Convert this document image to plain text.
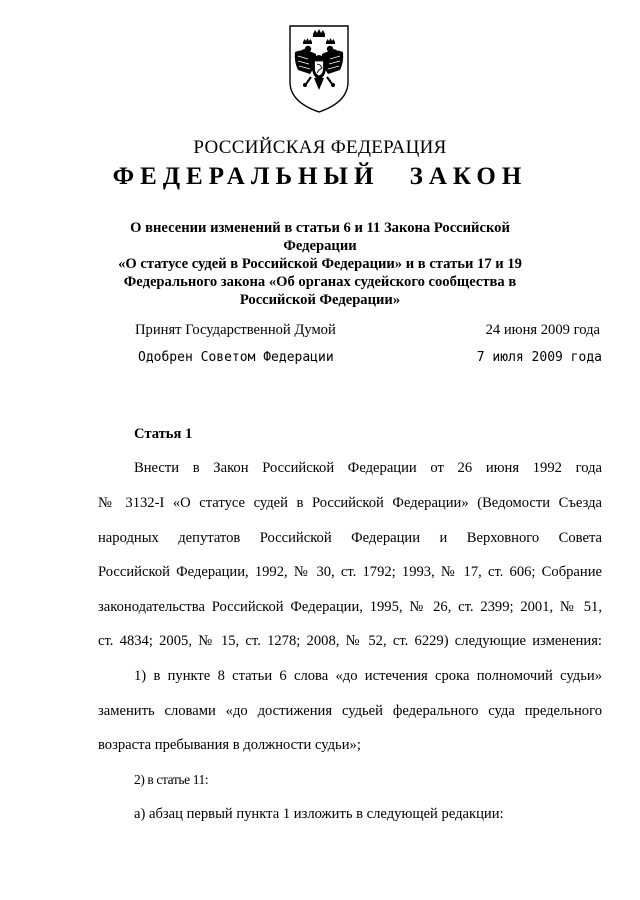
РОССИЙСКАЯ ФЕДЕРАЦИЯ
ФЕДЕРАЛЬНЫЙ ЗАКОН
О внесении изменений в статьи 6 и 11 Закона Российской Федерации
«О статусе судей в Российской Федерации» и в статьи 17 и 19
Федерального закона «Об органах судейского сообщества в
Российской Федерации»
Принят Государственной Думой	24 июня 2009 года
Одобрен Советом Федерации	7 июля 2009 года
Статья 1
Внести в Закон Российской Федерации от 26 июня 1992 года
№ 3132-I «О статусе судей в Российской Федерации» (Ведомости Съезда
народных депутатов Российской Федерации и Верховного Совета
Российской Федерации, 1992, № 30, ст. 1792; 1993, № 17, ст. 606; Собрание
законодательства Российской Федерации, 1995, № 26, ст. 2399; 2001, № 51,
ст. 4834; 2005, № 15, ст. 1278; 2008, № 52, ст. 6229) следующие изменения:
1) в пункте 8 статьи 6 слова «до истечения срока полномочий судьи»
заменить словами «до достижения судьей федерального суда предельного
возраста пребывания в должности судьи»;
2) в статье 11:
а) абзац первый пункта 1 изложить в следующей редакции:
